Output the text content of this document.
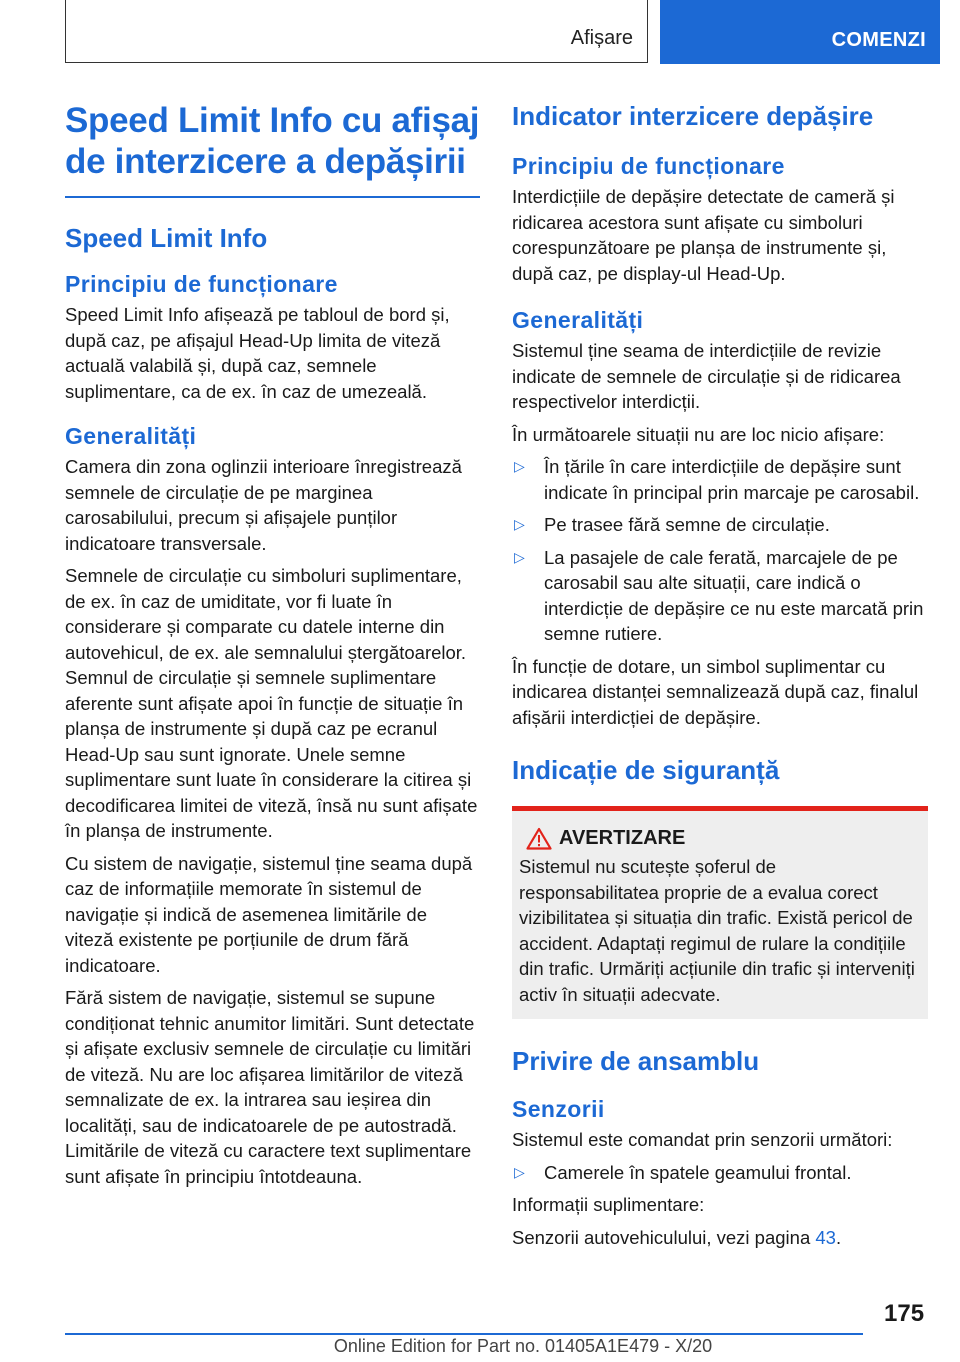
Afișare	COMENZI
Speed Limit Info cu afișaj de interzicere a depășirii
Speed Limit Info
Principiu de funcționare

Speed Limit Info afișează pe tabloul de bord și, după caz, pe afișajul Head-Up limita de viteză actuală valabilă și, după caz, semnele suplimentare, ca de ex. în caz de umezeală.

Generalități

Camera din zona oglinzii interioare înregistrează semnele de circulație de pe marginea carosabilului, precum și afișajele punților indicatoare transversale.

Semnele de circulație cu simboluri suplimentare, de ex. în caz de umiditate, vor fi luate în considerare și comparate cu datele interne din autovehicul, de ex. ale semnalului ștergătoarelor. Semnul de circulație și semnele suplimentare aferente sunt afișate apoi în funcție de situație în planșa de instrumente și după caz pe ecranul Head-Up sau sunt ignorate. Unele semne suplimentare sunt luate în considerare la citirea și decodificarea limitei de viteză, însă nu sunt afișate în planșa de instrumente.

Cu sistem de navigație, sistemul ține seama după caz de informațiile memorate în sistemul de navigație și indică de asemenea limitările de viteză existente pe porțiunile de drum fără indicatoare.

Fără sistem de navigație, sistemul se supune condiționat tehnic anumitor limitări. Sunt detectate și afișate exclusiv semnele de circulație cu limitări de viteză. Nu are loc afișarea limitărilor de viteză semnalizate de ex. la intrarea sau ieșirea din localități, sau de indicatoarele de pe autostradă. Limitările de viteză cu caractere text suplimentare sunt afișate în principiu întotdeauna.

Indicator interzicere depășire
Principiu de funcționare

Interdicțiile de depășire detectate de cameră și ridicarea acestora sunt afișate cu simboluri corespunzătoare pe planșa de instrumente și, după caz, pe display-ul Head-Up.

Generalități

Sistemul ține seama de interdicțiile de revizie indicate de semnele de circulație și de ridicarea respectivelor interdicții.

În următoarele situații nu are loc nicio afișare:

▷	În țările în care interdicțiile de depășire sunt indicate în principal prin marcaje pe carosabil.
▷	Pe trasee fără semne de circulație.
▷	La pasajele de cale ferată, marcajele de pe carosabil sau alte situații, care indică o interdicție de depășire ce nu este marcată prin semne rutiere.

În funcție de dotare, un simbol suplimentar cu indicarea distanței semnalizează după caz, finalul afișării interdicției de depășire.

Indicație de siguranță
AVERTIZARE

Sistemul nu scutește șoferul de responsabilitatea proprie de a evalua corect vizibilitatea și situația din trafic. Există pericol de accident. Adaptați regimul de rulare la condițiile din trafic. Urmăriți acțiunile din trafic și interveniți activ în situații adecvate.

Privire de ansamblu
Senzorii

Sistemul este comandat prin senzorii următori:

▷	Camerele în spatele geamului frontal.

Informații suplimentare:

Senzorii autovehiculului, vezi pagina 43.

175
Online Edition for Part no. 01405A1E479 - X/20
